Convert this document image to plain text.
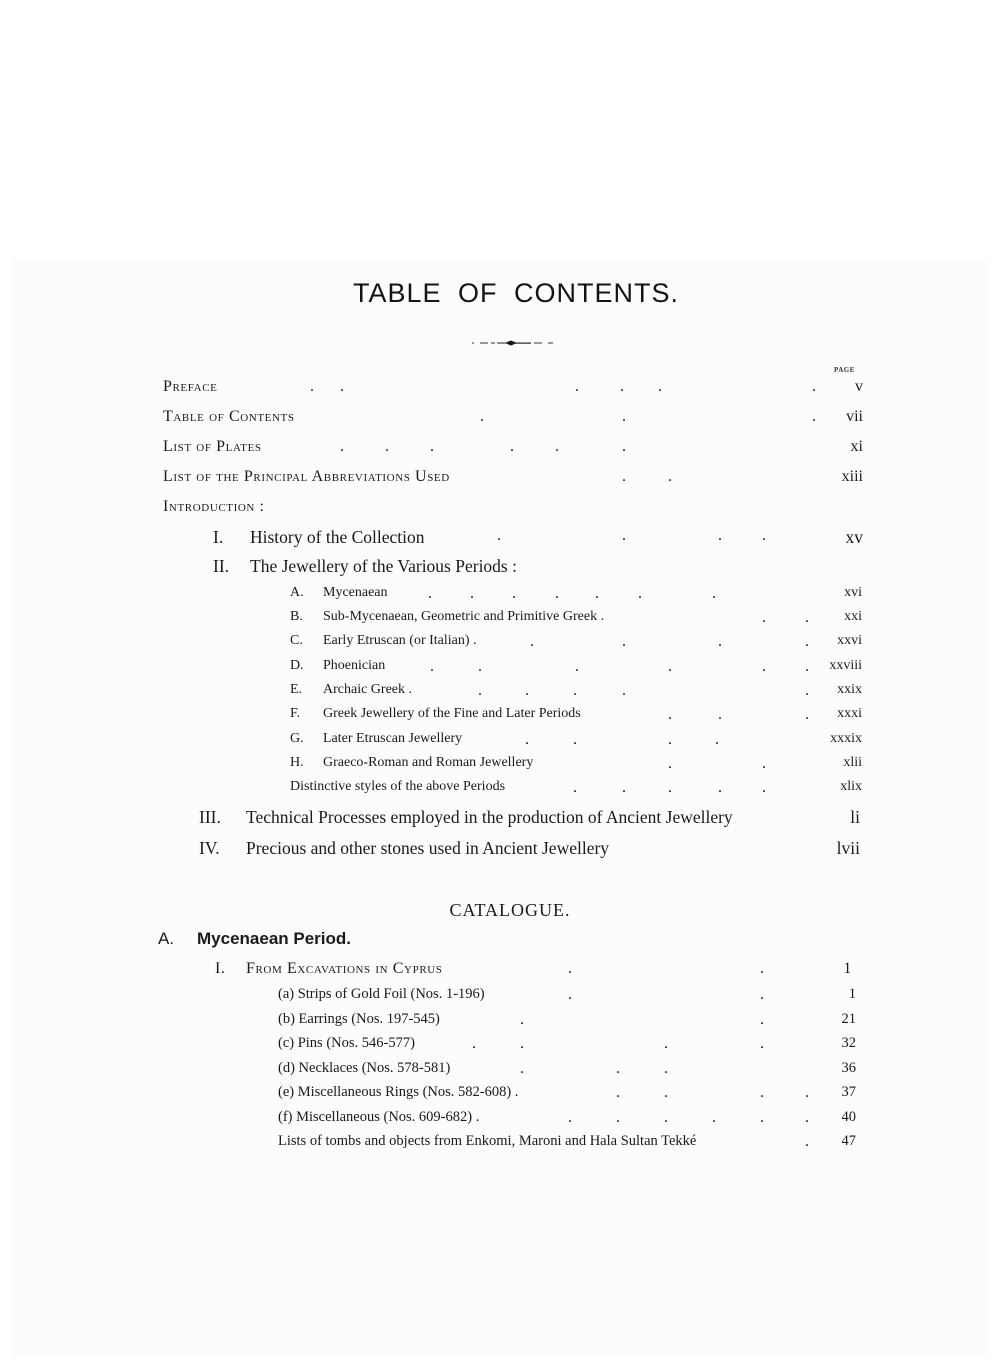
TABLE OF CONTENTS.
PAGE
Preface	. .	.	. .	. v
Table of Contents	.	.	. vii
List of Plates	.	.	.	.	.	.	xi
List of the Principal Abbreviations Used	.	.	xiii
Introduction :
I. History of the Collection	.	.	.	.	xv
II. The Jewellery of the Various Periods :
A. Mycenaean	. . . . . .	.	xvi
B. Sub-Mycenaean, Geometric and Primitive Greek .	. .	xxi
C. Early Etruscan (or Italian) .	.	.	.	. xxvi
D. Phoenician	.	.	.	.	. . xxviii
E. Archaic Greek .	.	.	.	.	. xxix
F. Greek Jewellery of the Fine and Later Periods	.	.	. xxxi
G. Later Etruscan Jewellery	.	.	.	.	xxxix
H. Graeco-Roman and Roman Jewellery	.	.	xlii
Distinctive styles of the above Periods	.	.	.	.	.	xlix
III. Technical Processes employed in the production of Ancient Jewellery	li
IV. Precious and other stones used in Ancient Jewellery	lvii
CATALOGUE.
A. Mycenaean Period.
I. From Excavations in Cyprus	.	.	1
(a) Strips of Gold Foil (Nos. 1-196)	.	.	1
(b) Earrings (Nos. 197-545)	.	.	21
(c) Pins (Nos. 546-577)	.	.	.	.	32
(d) Necklaces (Nos. 578-581)	.	.	.	36
(e) Miscellaneous Rings (Nos. 582-608) .	.	.	.	. 37
(f) Miscellaneous (Nos. 609-682) .	.	.	.	.	.	. 40
Lists of tombs and objects from Enkomi, Maroni and Hala Sultan Tekké	. 47
